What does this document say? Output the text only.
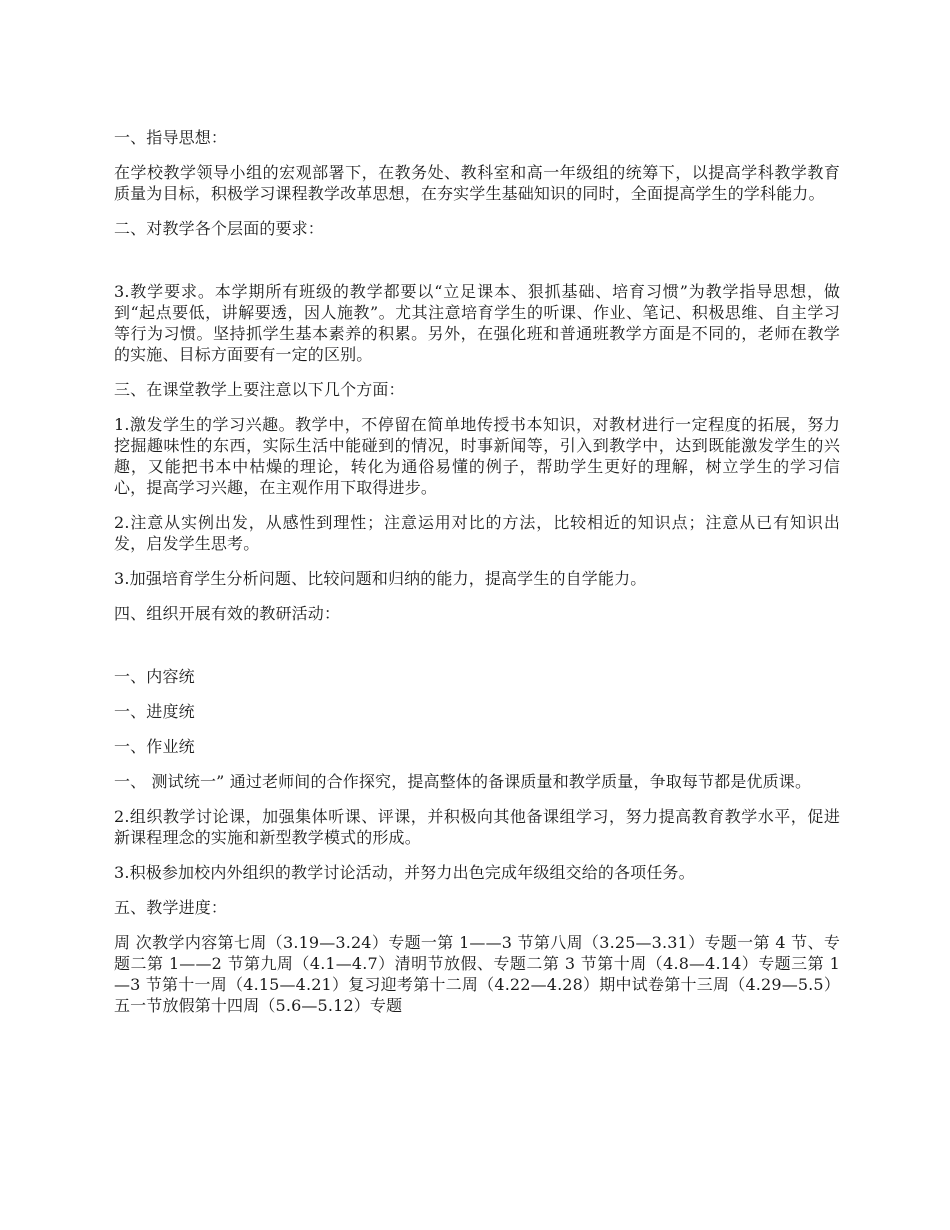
一、指导思想：

在学校教学领导小组的宏观部署下，在教务处、教科室和高一年级组的统筹下，以提高学科教学教育质量为目标，积极学习课程教学改革思想，在夯实学生基础知识的同时，全面提高学生的学科能力。

二、对教学各个层面的要求：

3.教学要求。本学期所有班级的教学都要以“立足课本、狠抓基础、培育习惯”为教学指导思想，做到“起点要低，讲解要透，因人施教”。尤其注意培育学生的听课、作业、笔记、积极思维、自主学习等行为习惯。坚持抓学生基本素养的积累。另外，在强化班和普通班教学方面是不同的，老师在教学的实施、目标方面要有一定的区别。

三、在课堂教学上要注意以下几个方面：

1.激发学生的学习兴趣。教学中，不停留在简单地传授书本知识，对教材进行一定程度的拓展，努力挖掘趣味性的东西，实际生活中能碰到的情况，时事新闻等，引入到教学中，达到既能激发学生的兴趣，又能把书本中枯燥的理论，转化为通俗易懂的例子，帮助学生更好的理解，树立学生的学习信心，提高学习兴趣，在主观作用下取得进步。

2.注意从实例出发，从感性到理性；注意运用对比的方法，比较相近的知识点；注意从已有知识出发，启发学生思考。

3.加强培育学生分析问题、比较问题和归纳的能力，提高学生的自学能力。

四、组织开展有效的教研活动：

一、内容统

一、进度统

一、作业统

一、 测试统一” 通过老师间的合作探究，提高整体的备课质量和教学质量，争取每节都是优质课。

2.组织教学讨论课，加强集体听课、评课，并积极向其他备课组学习，努力提高教育教学水平，促进新课程理念的实施和新型教学模式的形成。

3.积极参加校内外组织的教学讨论活动，并努力出色完成年级组交给的各项任务。

五、教学进度：

周 次教学内容第七周（3.19—3.24）专题一第 1——3 节第八周（3.25—3.31）专题一第 4 节、专题二第 1——2 节第九周（4.1—4.7）清明节放假、专题二第 3 节第十周（4.8—4.14）专题三第 1—3 节第十一周（4.15—4.21）复习迎考第十二周（4.22—4.28）期中试卷第十三周（4.29—5.5）五一节放假第十四周（5.6—5.12）专题
